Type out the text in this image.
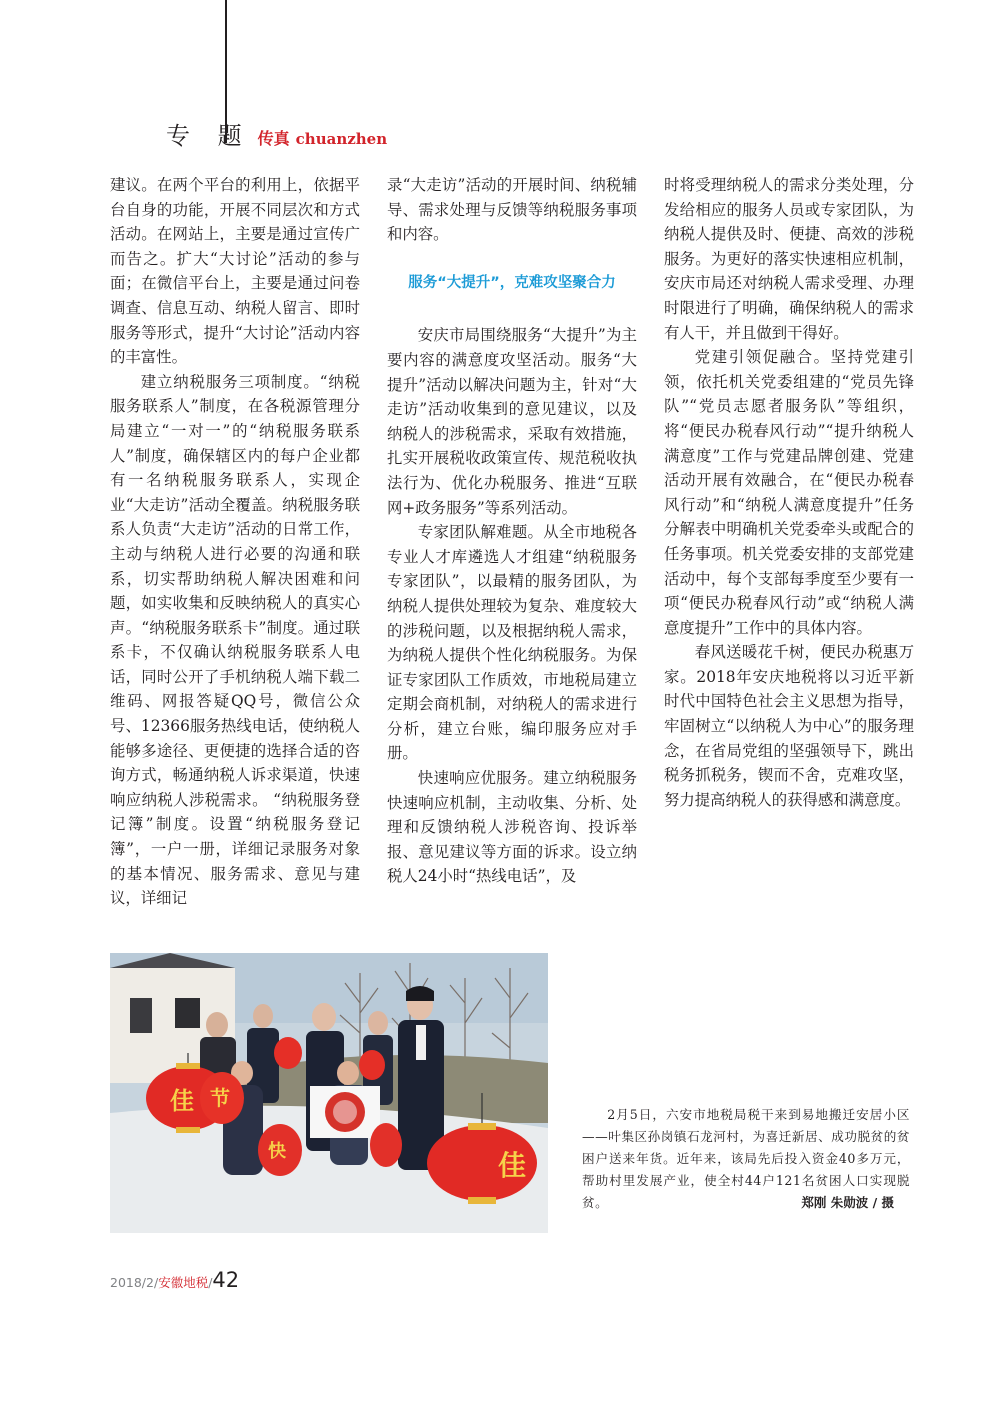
专 题 传真 chuanzhen

建议。在两个平台的利用上，依据平台自身的功能，开展不同层次和方式活动。在网站上，主要是通过宣传广而告之。扩大“大讨论”活动的参与面；在微信平台上，主要是通过问卷调查、信息互动、纳税人留言、即时服务等形式，提升“大讨论”活动内容的丰富性。

建立纳税服务三项制度。“纳税服务联系人”制度，在各税源管理分局建立“一对一”的“纳税服务联系人”制度，确保辖区内的每户企业都有一名纳税服务联系人，实现企业“大走访”活动全覆盖。纳税服务联系人负责“大走访”活动的日常工作，主动与纳税人进行必要的沟通和联系，切实帮助纳税人解决困难和问题，如实收集和反映纳税人的真实心声。“纳税服务联系卡”制度。通过联系卡，不仅确认纳税服务联系人电话，同时公开了手机纳税人端下载二维码、网报答疑QQ号，微信公众号、12366服务热线电话，使纳税人能够多途径、更便捷的选择合适的咨询方式，畅通纳税人诉求渠道，快速响应纳税人涉税需求。 “纳税服务登记簿”制度。设置“纳税服务登记簿”，一户一册，详细记录服务对象的基本情况、服务需求、意见与建议，详细记

录“大走访”活动的开展时间、纳税辅导、需求处理与反馈等纳税服务事项和内容。

服务“大提升”，克难攻坚聚合力

安庆市局围绕服务“大提升”为主要内容的满意度攻坚活动。服务“大提升”活动以解决问题为主，针对“大走访”活动收集到的意见建议，以及纳税人的涉税需求，采取有效措施，扎实开展税收政策宣传、规范税收执法行为、优化办税服务、推进“互联网+政务服务”等系列活动。

专家团队解难题。从全市地税各专业人才库遴选人才组建“纳税服务专家团队”，以最精的服务团队，为纳税人提供处理较为复杂、难度较大的涉税问题，以及根据纳税人需求，为纳税人提供个性化纳税服务。为保证专家团队工作质效，市地税局建立定期会商机制，对纳税人的需求进行分析，建立台账，编印服务应对手册。

快速响应优服务。建立纳税服务快速响应机制，主动收集、分析、处理和反馈纳税人涉税咨询、投诉举报、意见建议等方面的诉求。设立纳税人24小时“热线电话”，及

时将受理纳税人的需求分类处理，分发给相应的服务人员或专家团队，为纳税人提供及时、便捷、高效的涉税服务。为更好的落实快速相应机制，安庆市局还对纳税人需求受理、办理时限进行了明确，确保纳税人的需求有人干，并且做到干得好。

党建引领促融合。坚持党建引领，依托机关党委组建的“党员先锋队”“党员志愿者服务队”等组织，将“便民办税春风行动”“提升纳税人满意度”工作与党建品牌创建、党建活动开展有效融合，在“便民办税春风行动”和“纳税人满意度提升”任务分解表中明确机关党委牵头或配合的任务事项。机关党委安排的支部党建活动中，每个支部每季度至少要有一项“便民办税春风行动”或“纳税人满意度提升”工作中的具体内容。

春风送暖花千树，便民办税惠万家。2018年安庆地税将以习近平新时代中国特色社会主义思想为指导，牢固树立“以纳税人为中心”的服务理念，在省局党组的坚强领导下，跳出税务抓税务，锲而不舍，克难攻坚，努力提高纳税人的获得感和满意度。

佳 节
快	佳

2月5日，六安市地税局税干来到易地搬迁安居小区——叶集区孙岗镇石龙河村，为喜迁新居、成功脱贫的贫困户送来年货。近年来，该局先后投入资金40多万元，帮助村里发展产业，使全村44户121名贫困人口实现脱贫。	郑刚 朱勋波 / 摄
2018/2/ 安徽地税 / 42
